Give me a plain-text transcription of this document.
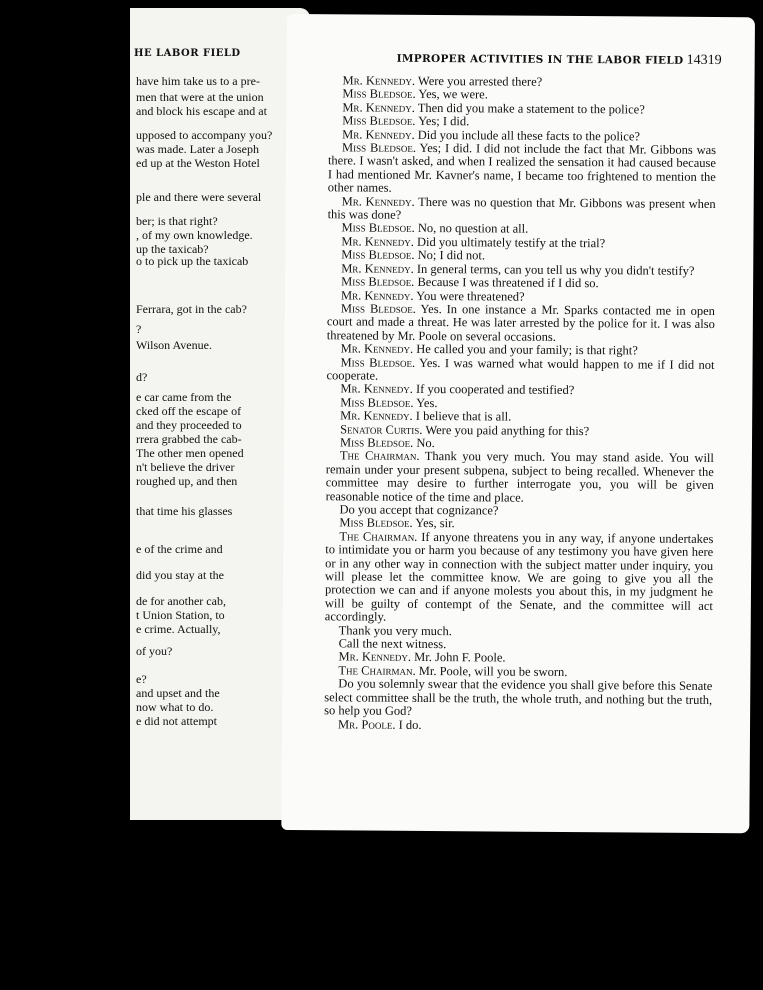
HE LABOR FIELD
have him take us to a pre-
men that were at the union
and block his escape and at
upposed to accompany you?
was made. Later a Joseph
ed up at the Weston Hotel
ple and there were several
ber; is that right?
, of my own knowledge.
up the taxicab?
o to pick up the taxicab
Ferrara, got in the cab?
?
Wilson Avenue.
d?
e car came from the
cked off the escape of
and they proceeded to
rrera grabbed the cab-
The other men opened
n't believe the driver
roughed up, and then
that time his glasses
e of the crime and
did you stay at the
de for another cab,
t Union Station, to
e crime. Actually,
of you?
e?
and upset and the
now what to do.
e did not attempt
IMPROPER ACTIVITIES IN THE LABOR FIELD 14319
Mr. Kennedy. Were you arrested there?
Miss Bledsoe. Yes, we were.
Mr. Kennedy. Then did you make a statement to the police?
Miss Bledsoe. Yes; I did.
Mr. Kennedy. Did you include all these facts to the police?
Miss Bledsoe. Yes; I did. I did not include the fact that Mr. Gibbons was there. I wasn't asked, and when I realized the sensation it had caused because I had mentioned Mr. Kavner's name, I became too frightened to mention the other names.
Mr. Kennedy. There was no question that Mr. Gibbons was present when this was done?
Miss Bledsoe. No, no question at all.
Mr. Kennedy. Did you ultimately testify at the trial?
Miss Bledsoe. No; I did not.
Mr. Kennedy. In general terms, can you tell us why you didn't testify?
Miss Bledsoe. Because I was threatened if I did so.
Mr. Kennedy. You were threatened?
Miss Bledsoe. Yes. In one instance a Mr. Sparks contacted me in open court and made a threat. He was later arrested by the police for it. I was also threatened by Mr. Poole on several occasions.
Mr. Kennedy. He called you and your family; is that right?
Miss Bledsoe. Yes. I was warned what would happen to me if I did not cooperate.
Mr. Kennedy. If you cooperated and testified?
Miss Bledsoe. Yes.
Mr. Kennedy. I believe that is all.
Senator Curtis. Were you paid anything for this?
Miss Bledsoe. No.
The Chairman. Thank you very much. You may stand aside. You will remain under your present subpena, subject to being recalled. Whenever the committee may desire to further interrogate you, you will be given reasonable notice of the time and place.
Do you accept that cognizance?
Miss Bledsoe. Yes, sir.
The Chairman. If anyone threatens you in any way, if anyone undertakes to intimidate you or harm you because of any testimony you have given here or in any other way in connection with the subject matter under inquiry, you will please let the committee know. We are going to give you all the protection we can and if anyone molests you about this, in my judgment he will be guilty of contempt of the Senate, and the committee will act accordingly.
Thank you very much.
Call the next witness.
Mr. Kennedy. Mr. John F. Poole.
The Chairman. Mr. Poole, will you be sworn.
Do you solemnly swear that the evidence you shall give before this Senate select committee shall be the truth, the whole truth, and nothing but the truth, so help you God?
Mr. Poole. I do.
